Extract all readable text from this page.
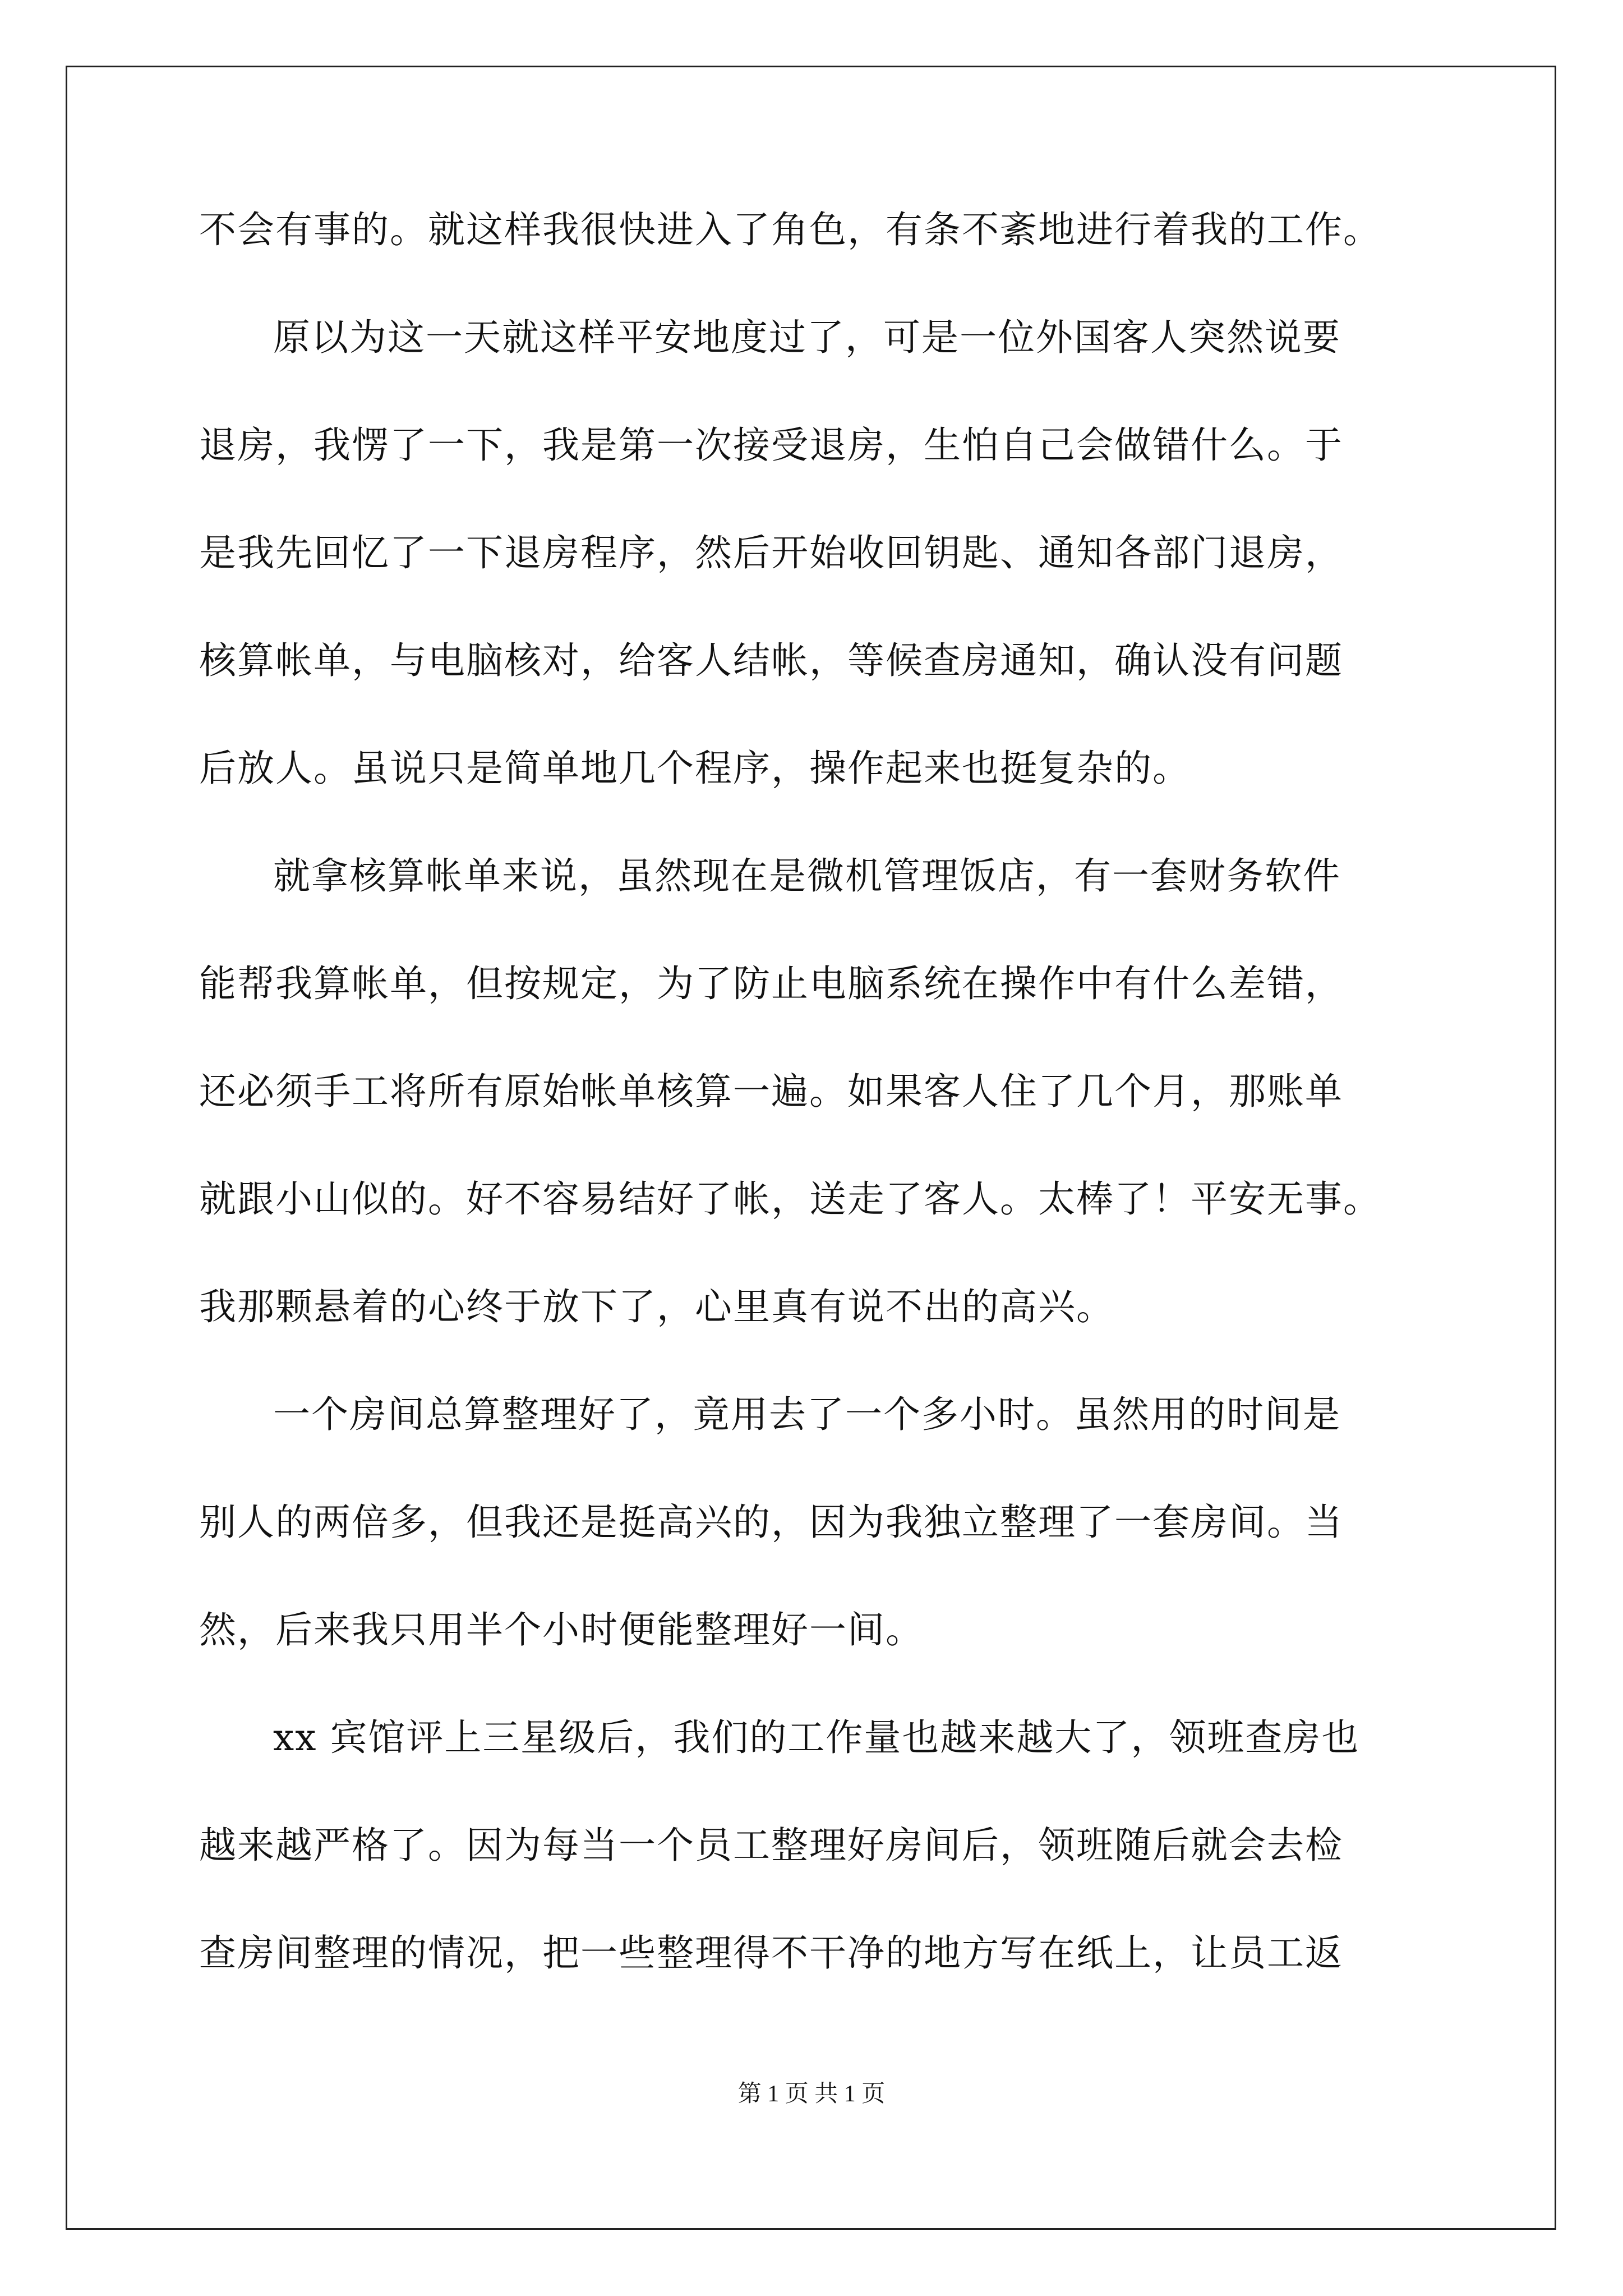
不会有事的。就这样我很快进入了角色，有条不紊地进行着我的工作。
原以为这一天就这样平安地度过了，可是一位外国客人突然说要
退房，我愣了一下，我是第一次接受退房，生怕自己会做错什么。于
是我先回忆了一下退房程序，然后开始收回钥匙、通知各部门退房，
核算帐单，与电脑核对，给客人结帐，等候查房通知，确认没有问题
后放人。虽说只是简单地几个程序，操作起来也挺复杂的。
就拿核算帐单来说，虽然现在是微机管理饭店，有一套财务软件
能帮我算帐单，但按规定，为了防止电脑系统在操作中有什么差错，
还必须手工将所有原始帐单核算一遍。如果客人住了几个月，那账单
就跟小山似的。好不容易结好了帐，送走了客人。太棒了！平安无事。
我那颗悬着的心终于放下了，心里真有说不出的高兴。
一个房间总算整理好了，竟用去了一个多小时。虽然用的时间是
别人的两倍多，但我还是挺高兴的，因为我独立整理了一套房间。当
然，后来我只用半个小时便能整理好一间。
xx 宾馆评上三星级后，我们的工作量也越来越大了，领班查房也
越来越严格了。因为每当一个员工整理好房间后，领班随后就会去检
查房间整理的情况，把一些整理得不干净的地方写在纸上，让员工返
第 1 页 共 1 页
